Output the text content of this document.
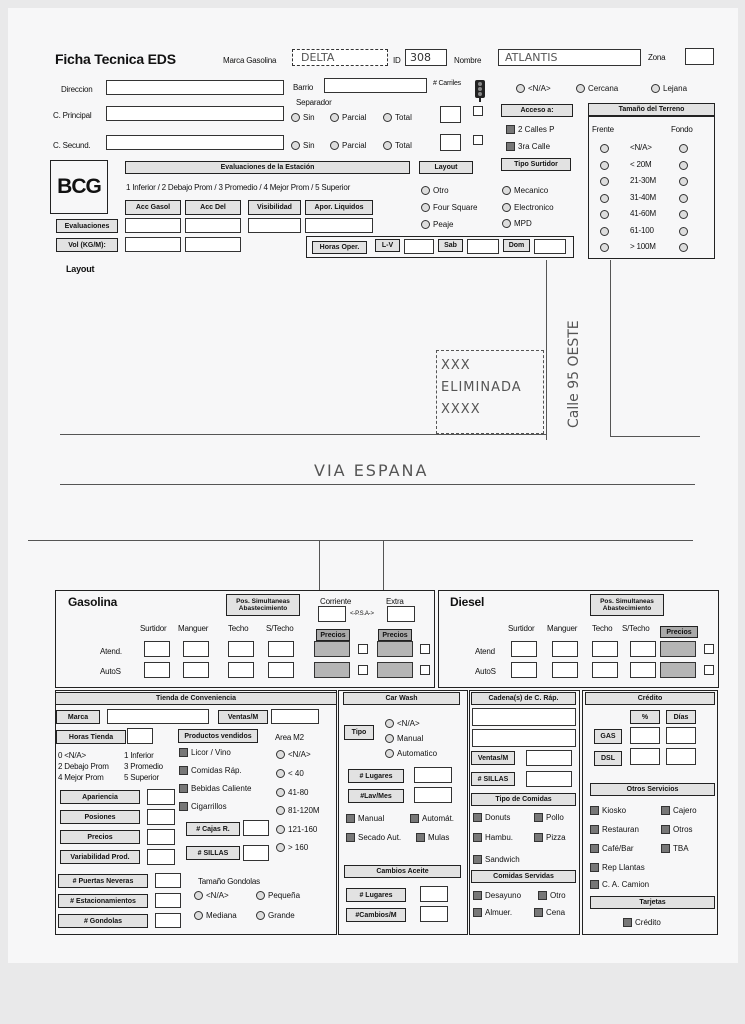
Ficha Tecnica EDS	Marca Gasolina DELTA	ID 308	Nombre ATLANTIS	Zona
Direccion	Barrio	# Carriles
<N/A>	Cercana	Lejana
C. Principal
Separador
Sin	Parcial	Total
Acceso a:
2 Calles P
3ra Calle
Tamaño del Terreno
Frente	Fondo
<N/A>
< 20M
21-30M
31-40M
41-60M
61-100
> 100M
C. Secund.	Sin	Parcial	Total
BCG
Evaluaciones de la Estación
1 Inferior / 2 Debajo Prom / 3 Promedio / 4 Mejor Prom / 5 Superior
Acc Gasol	Acc Del	Visibilidad	Apor. Liquidos
Evaluaciones
Vol (KG/M):
Layout	Tipo Surtidor
Otro
Four Square
Peaje
Mecanico
Electronico
MPD
Horas Oper.	L-V	Sab	Dom
Layout
XXX ELIMINADA XXXX	Calle 95 OESTE
VIA ESPANA
Gasolina	Pos. Simultaneas Abastecimiento
Corriente	Extra
<-P.S.A->
Surtidor Manguer Techo S/Techo
Precios	Precios
Atend.
AutoS
Diesel	Pos. Simultaneas Abastecimiento
Surtidor Manguer Techo S/Techo	Precios
Atend
AutoS
Tienda de Conveniencia
Marca	Ventas/M
Horas Tienda	Productos vendidos	Area M2
0 <N/A>	1 Inferior
2 Debajo Prom 3 Promedio
4 Mejor Prom	5 Superior
Licor / Vino
Comidas Ráp.
Bebidas Caliente
Cigarrillos
<N/A>
< 40
41-80
81-120M
121-160
> 160
Apariencia
Posiones
Precios
Variabilidad Prod.
# Cajas R.
# SILLAS
# Puertas Neveras
# Estacionamientos
# Gondolas
Tamaño Gondolas
<N/A>	Pequeña
Mediana	Grande
Car Wash
Tipo
<N/A>
Manual
Automatico
# Lugares
#Lav/Mes
Manual	Automát.
Secado Aut.	Mulas
Cambios Aceite
# Lugares
#Cambios/M
Cadena(s) de C. Ráp.
Ventas/M
# SILLAS
Tipo de Comidas
Donuts	Pollo
Hambu.	Pizza
Sandwich
Comidas Servidas
Desayuno	Otro
Almuer.	Cena
Crédito
%	Días
GAS
DSL
Otros Servicios
Kiosko	Cajero
Restauran	Otros
Café/Bar	TBA
Rep Llantas
C. A. Camion
Tarjetas
Crédito
